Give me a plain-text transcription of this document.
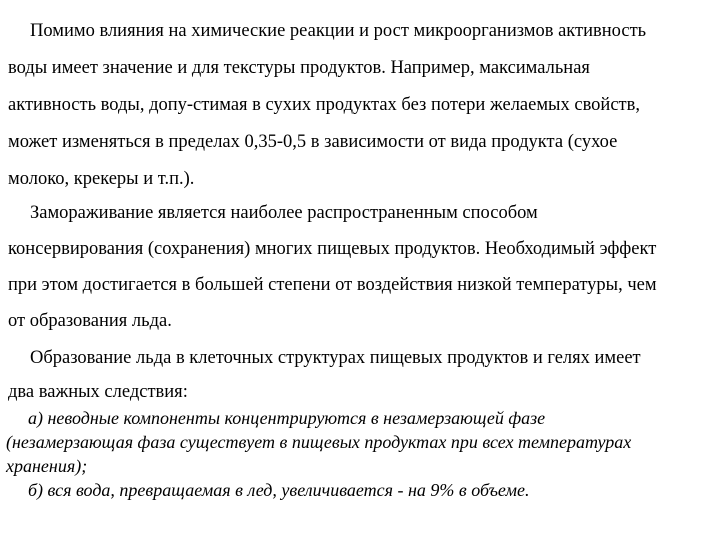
Помимо влияния на химические реакции и рост микроорганизмов активность
воды имеет значение и для текстуры продуктов. Например, максимальная
активность воды, допу-стимая в сухих продуктах без потери желаемых свойств,
может изменяться в пределах 0,35-0,5 в зависимости от вида продукта (сухое
молоко, крекеры и т.п.).
Замораживание является наиболее распространенным способом
консервирования (сохранения) многих пищевых продуктов. Необходимый эффект
при этом достигается в большей степени от воздействия низкой температуры, чем
от образования льда.
Образование льда в клеточных структурах пищевых продуктов и гелях имеет
два важных следствия:
а) неводные компоненты концентрируются в незамерзающей фазе
(незамерзающая фаза существует в пищевых продуктах при всех температурах
хранения);
б) вся вода, превращаемая в лед, увеличивается - на 9% в объеме.
